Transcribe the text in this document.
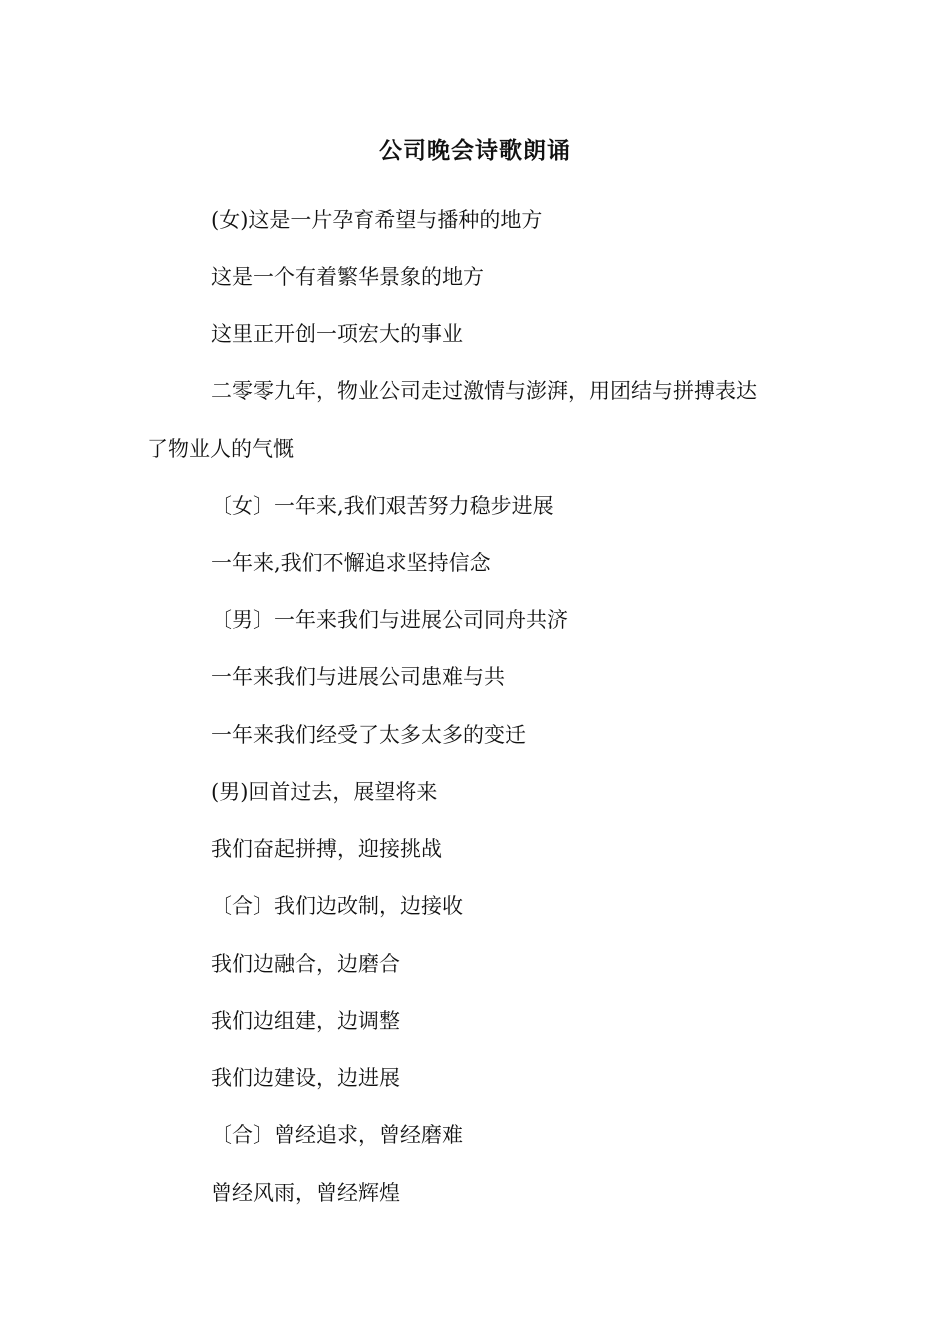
公司晚会诗歌朗诵
(女)这是一片孕育希望与播种的地方
这是一个有着繁华景象的地方
这里正开创一项宏大的事业
二零零九年，物业公司走过激情与澎湃，用团结与拼搏表达
了物业人的气慨
〔女〕一年来,我们艰苦努力稳步进展
一年来,我们不懈追求坚持信念
〔男〕一年来我们与进展公司同舟共济
一年来我们与进展公司患难与共
一年来我们经受了太多太多的变迁
(男)回首过去，展望将来
我们奋起拼搏，迎接挑战
〔合〕我们边改制，边接收
我们边融合，边磨合
我们边组建，边调整
我们边建设，边进展
〔合〕曾经追求，曾经磨难
曾经风雨，曾经辉煌
